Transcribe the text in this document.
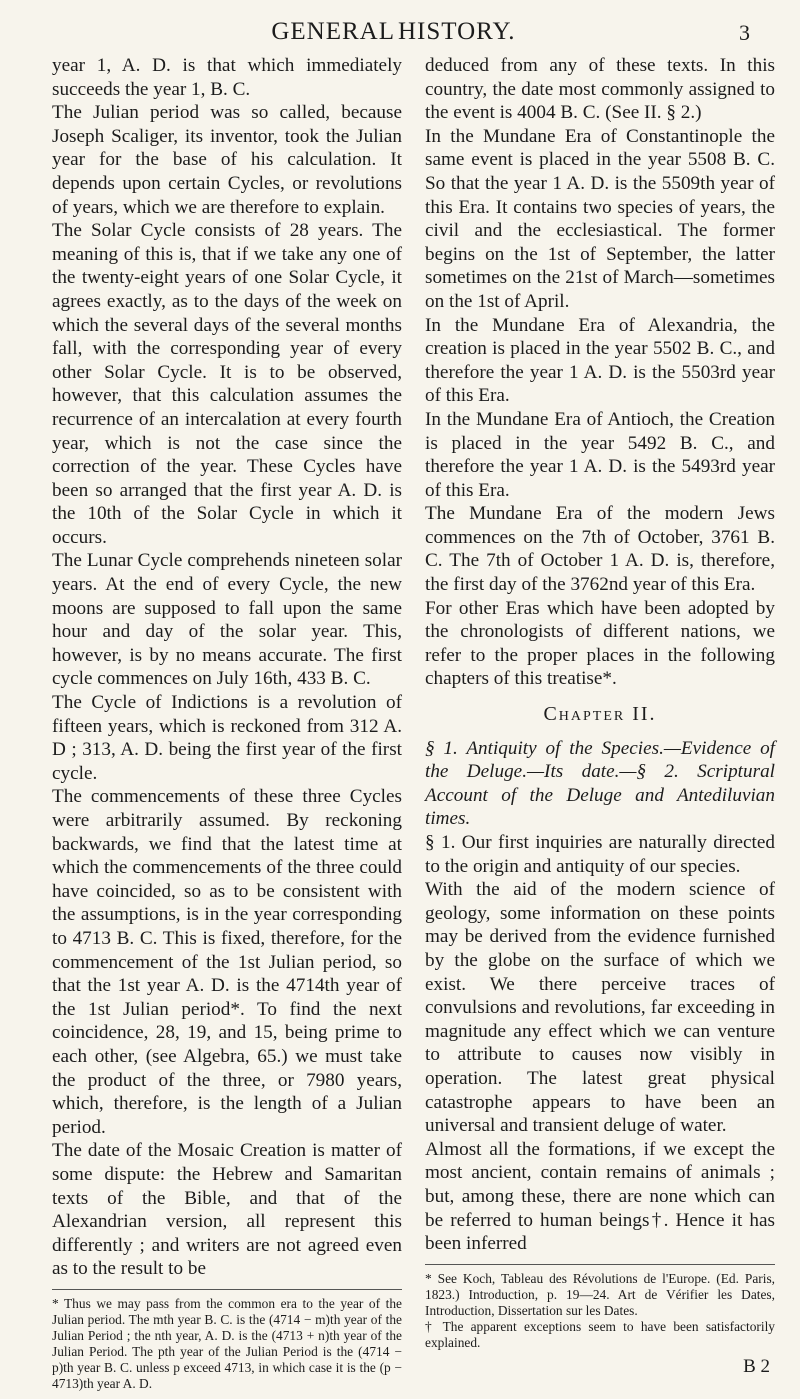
GENERAL HISTORY.	3

year 1, A. D. is that which immediately succeeds the year 1, B. C.

The Julian period was so called, because Joseph Scaliger, its inventor, took the Julian year for the base of his calculation. It depends upon certain Cycles, or revolutions of years, which we are therefore to explain.

The Solar Cycle consists of 28 years. The meaning of this is, that if we take any one of the twenty-eight years of one Solar Cycle, it agrees exactly, as to the days of the week on which the several days of the several months fall, with the corresponding year of every other Solar Cycle. It is to be observed, however, that this calculation assumes the recurrence of an intercalation at every fourth year, which is not the case since the correction of the year. These Cycles have been so arranged that the first year A. D. is the 10th of the Solar Cycle in which it occurs.

The Lunar Cycle comprehends nineteen solar years. At the end of every Cycle, the new moons are supposed to fall upon the same hour and day of the solar year. This, however, is by no means accurate. The first cycle commences on July 16th, 433 B. C.

The Cycle of Indictions is a revolution of fifteen years, which is reckoned from 312 A. D ; 313, A. D. being the first year of the first cycle.

The commencements of these three Cycles were arbitrarily assumed. By reckoning backwards, we find that the latest time at which the commencements of the three could have coincided, so as to be consistent with the assumptions, is in the year corresponding to 4713 B. C. This is fixed, therefore, for the commencement of the 1st Julian period, so that the 1st year A. D. is the 4714th year of the 1st Julian period*. To find the next coincidence, 28, 19, and 15, being prime to each other, (see Algebra, 65.) we must take the product of the three, or 7980 years, which, therefore, is the length of a Julian period.

The date of the Mosaic Creation is matter of some dispute: the Hebrew and Samaritan texts of the Bible, and that of the Alexandrian version, all represent this differently ; and writers are not agreed even as to the result to be

* Thus we may pass from the common era to the year of the Julian period. The mth year B. C. is the (4714 − m)th year of the Julian Period ; the nth year, A. D. is the (4713 + n)th year of the Julian Period. The pth year of the Julian Period is the (4714 − p)th year B. C. unless p exceed 4713, in which case it is the (p − 4713)th year A. D.

deduced from any of these texts. In this country, the date most commonly assigned to the event is 4004 B. C. (See II. § 2.)

In the Mundane Era of Constantinople the same event is placed in the year 5508 B. C. So that the year 1 A. D. is the 5509th year of this Era. It contains two species of years, the civil and the ecclesiastical. The former begins on the 1st of September, the latter sometimes on the 21st of March—sometimes on the 1st of April.

In the Mundane Era of Alexandria, the creation is placed in the year 5502 B. C., and therefore the year 1 A. D. is the 5503rd year of this Era.

In the Mundane Era of Antioch, the Creation is placed in the year 5492 B. C., and therefore the year 1 A. D. is the 5493rd year of this Era.

The Mundane Era of the modern Jews commences on the 7th of October, 3761 B. C. The 7th of October 1 A. D. is, therefore, the first day of the 3762nd year of this Era.

For other Eras which have been adopted by the chronologists of different nations, we refer to the proper places in the following chapters of this treatise*.

Chapter II.

§ 1. Antiquity of the Species.—Evidence of the Deluge.—Its date.—§ 2. Scriptural Account of the Deluge and Antediluvian times.

§ 1. Our first inquiries are naturally directed to the origin and antiquity of our species.

With the aid of the modern science of geology, some information on these points may be derived from the evidence furnished by the globe on the surface of which we exist. We there perceive traces of convulsions and revolutions, far exceeding in magnitude any effect which we can venture to attribute to causes now visibly in operation. The latest great physical catastrophe appears to have been an universal and transient deluge of water.

Almost all the formations, if we except the most ancient, contain remains of animals ; but, among these, there are none which can be referred to human beings†. Hence it has been inferred

* See Koch, Tableau des Révolutions de l'Europe. (Ed. Paris, 1823.) Introduction, p. 19—24. Art de Vérifier les Dates, Introduction, Dissertation sur les Dates.

† The apparent exceptions seem to have been satisfactorily explained.

B 2
